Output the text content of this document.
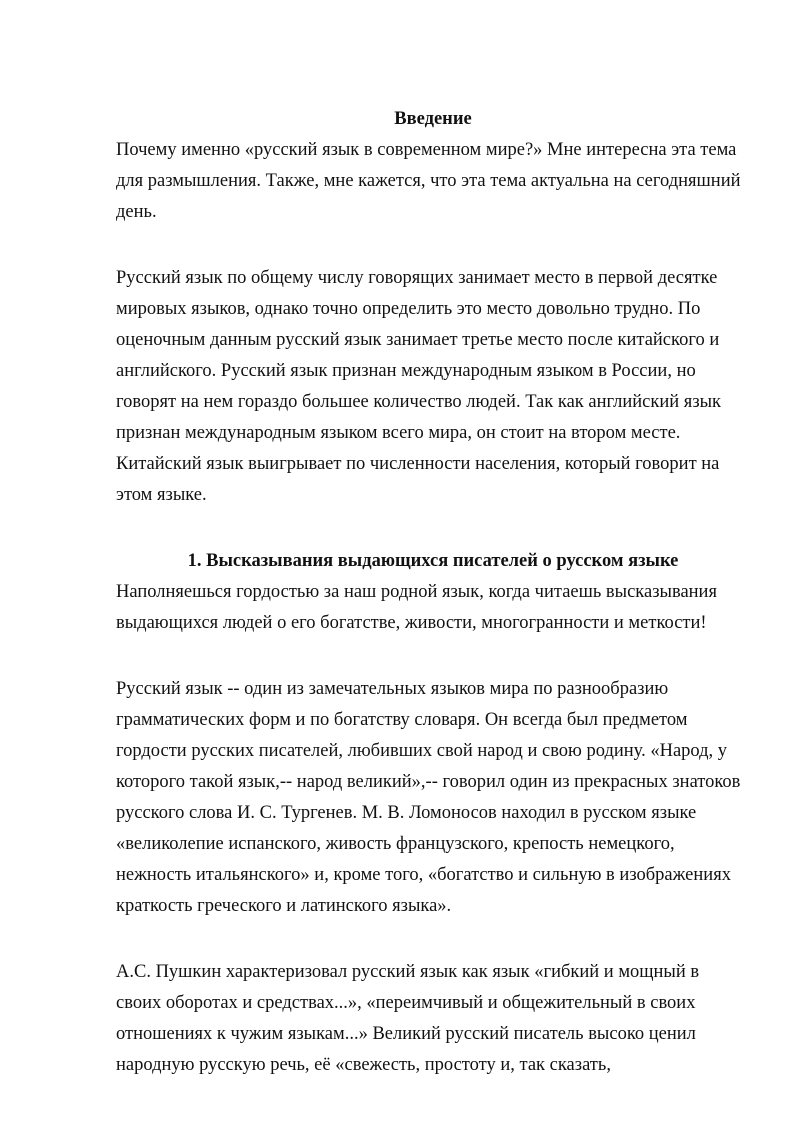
Введение

Почему именно «русский язык в современном мире?» Мне интересна эта тема для размышления. Также, мне кажется, что эта тема актуальна на сегодняшний день.

Русский язык по общему числу говорящих занимает место в первой десятке мировых языков, однако точно определить это место довольно трудно. По оценочным данным русский язык занимает третье место после китайского и английского. Русский язык признан международным языком в России, но говорят на нем гораздо большее количество людей. Так как английский язык признан международным языком всего мира, он стоит на втором месте. Китайский язык выигрывает по численности населения, который говорит на этом языке.

1. Высказывания выдающихся писателей о русском языке

Наполняешься гордостью за наш родной язык, когда читаешь высказывания выдающихся людей о его богатстве, живости, многогранности и меткости!

Русский язык -- один из замечательных языков мира по разнообразию грамматических форм и по богатству словаря. Он всегда был предметом гордости русских писателей, любивших свой народ и свою родину. «Народ, у которого такой язык,-- народ великий»,-- говорил один из прекрасных знатоков русского слова И. С. Тургенев. М. В. Ломоносов находил в русском языке «великолепие испанского, живость французского, крепость немецкого, нежность итальянского» и, кроме того, «богатство и сильную в изображениях краткость греческого и латинского языка».

А.С. Пушкин характеризовал русский язык как язык «гибкий и мощный в своих оборотах и средствах...», «переимчивый и общежительный в своих отношениях к чужим языкам...» Великий русский писатель высоко ценил народную русскую речь, её «свежесть, простоту и, так сказать,
